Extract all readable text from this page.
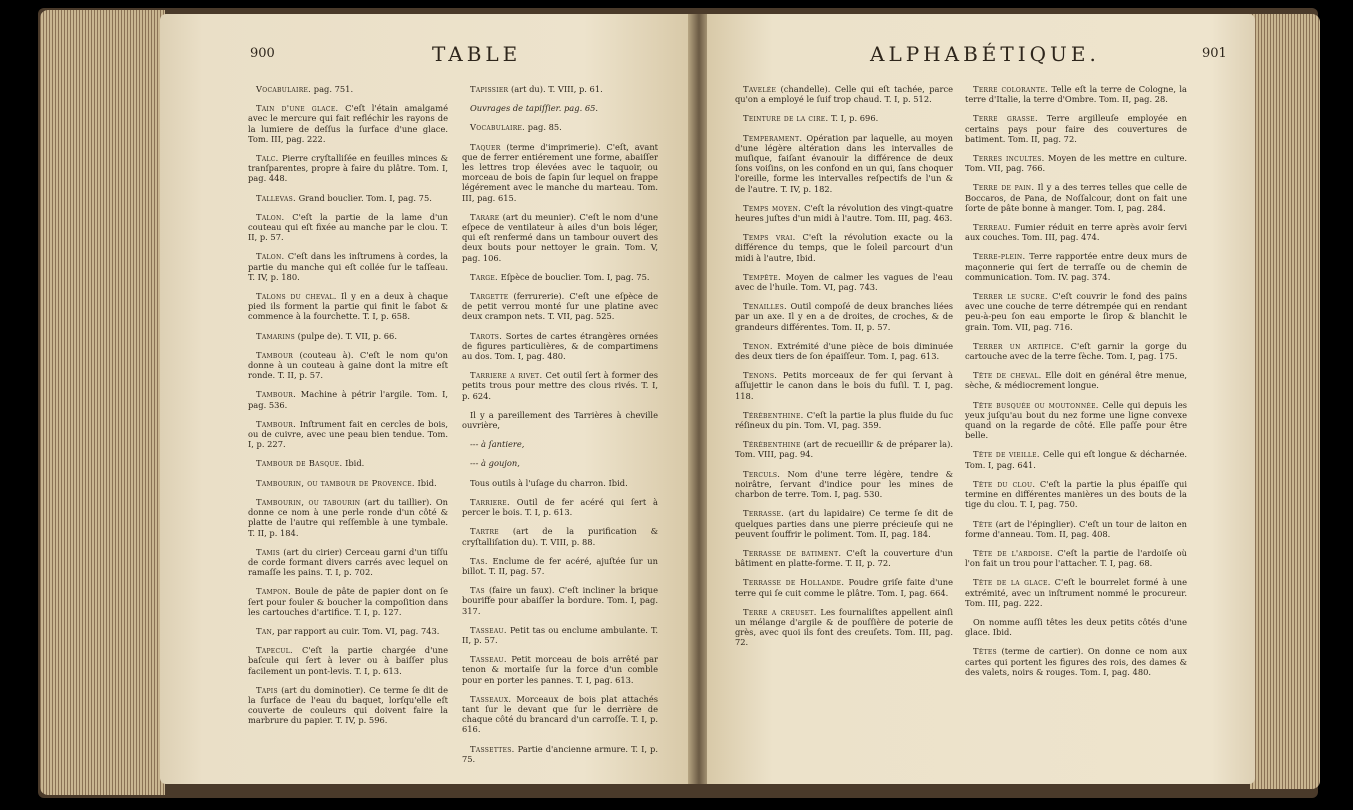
900	TABLE

Vocabulaire. pag. 751.

Tain d'une glace. C'eſt l'étain amalgamé avec le mercure qui fait refléchir les rayons de la lumiere de deſſus la ſurface d'une glace. Tom. III, pag. 222.

Talc. Pierre cryſtalliſée en feuilles minces & tranſparentes, propre à faire du plâtre. Tom. I, pag. 448.

Tallevas. Grand bouclier. Tom. I, pag. 75.

Talon. C'eſt la partie de la lame d'un couteau qui eſt fixée au manche par le clou. T. II, p. 57.

Talon. C'eſt dans les inſtrumens à cordes, la partie du manche qui eſt collée ſur le taſſeau. T. IV, p. 180.

Talons du cheval. Il y en a deux à chaque pied ils forment la partie qui finit le ſabot & commence à la fourchette. T. I, p. 658.

Tamarins (pulpe de). T. VII, p. 66.

Tambour (couteau à). C'eſt le nom qu'on donne à un couteau à gaine dont la mitre eſt ronde. T. II, p. 57.

Tambour. Machine à pétrir l'argile. Tom. I, pag. 536.

Tambour. Inſtrument fait en cercles de bois, ou de cuivre, avec une peau bien tendue. Tom. I, p. 227.

Tambour de Basque. Ibid.

Tambourin, ou tambour de Provence. Ibid.

Tambourin, ou tabourin (art du taillier). On donne ce nom à une perle ronde d'un côté & platte de l'autre qui reſſemble à une tymbale. T. II, p. 184.

Tamis (art du cirier) Cerceau garni d'un tiſſu de corde formant divers carrés avec lequel on ramaſſe les pains. T. I, p. 702.

Tampon. Boule de pâte de papier dont on ſe ſert pour fouler & boucher la compoſition dans les cartouches d'artifice. T. I, p. 127.

Tan, par rapport au cuir. Tom. VI, pag. 743.

Tapecul. C'eſt la partie chargée d'une baſcule qui ſert à lever ou à baiſſer plus facilement un pont-levis. T. I, p. 613.

Tapis (art du dominotier). Ce terme ſe dit de la ſurface de l'eau du baquet, lorſqu'elle eſt couverte de couleurs qui doivent faire la marbrure du papier. T. IV, p. 596.

Tapissier (art du). T. VIII, p. 61.

Ouvrages de tapiſſier. pag. 65.

Vocabulaire. pag. 85.

Taquer (terme d'imprimerie). C'eſt, avant que de ferrer entiérement une forme, abaiſſer les lettres trop élevées avec le taquoir, ou morceau de bois de ſapin ſur lequel on frappe légérement avec le manche du marteau. Tom. III, pag. 615.

Tarare (art du meunier). C'eſt le nom d'une eſpece de ventilateur à ailes d'un bois léger, qui eſt renfermé dans un tambour ouvert des deux bouts pour nettoyer le grain. Tom. V, pag. 106.

Targe. Eſpèce de bouclier. Tom. I, pag. 75.

Targette (ferrurerie). C'eſt une eſpèce de de petit verrou monté ſur une platine avec deux crampon nets. T. VII, pag. 525.

Tarots. Sortes de cartes étrangères ornées de figures particulières, & de compartimens au dos. Tom. I, pag. 480.

Tarriere a rivet. Cet outil ſert à former des petits trous pour mettre des clous rivés. T. I, p. 624.

Il y a pareillement des Tarrières à cheville ouvrière,

--- à ſantiere,

--- à goujon,

Tous outils à l'uſage du charron. Ibid.

Tarriere. Outil de fer acéré qui ſert à percer le bois. T. I, p. 613.

Tartre (art de la purification & cryſtalliſation du). T. VIII, p. 88.

Tas. Enclume de fer acéré, ajuſtée ſur un billot. T. II, pag. 57.

Tas (faire un faux). C'eſt incliner la brique bouriffe pour abaiſſer la bordure. Tom. I, pag. 317.

Tasseau. Petit tas ou enclume ambulante. T. II, p. 57.

Tasseau. Petit morceau de bois arrêté par tenon & mortaiſe ſur la force d'un comble pour en porter les pannes. T. I, pag. 613.

Tasseaux. Morceaux de bois plat attachés tant ſur le devant que ſur le derrière de chaque côté du brancard d'un carroſſe. T. I, p. 616.

Tassettes. Partie d'ancienne armure. T. I, p. 75.

ALPHABÉTIQUE.	901

Tavelée (chandelle). Celle qui eſt tachée, parce qu'on a employé le ſuif trop chaud. T. I, p. 512.

Teinture de la cire. T. I, p. 696.

Temperament. Opération par laquelle, au moyen d'une légère altération dans les intervalles de muſique, faiſant évanouir la différence de deux ſons voiſins, on les confond en un qui, ſans choquer l'oreille, forme les intervalles reſpectifs de l'un & de l'autre. T. IV, p. 182.

Temps moyen. C'eſt la révolution des vingt-quatre heures juſtes d'un midi à l'autre. Tom. III, pag. 463.

Temps vrai. C'eſt la révolution exacte ou la différence du temps, que le ſoleil parcourt d'un midi à l'autre, Ibid.

Tempête. Moyen de calmer les vagues de l'eau avec de l'huile. Tom. VI, pag. 743.

Tenailles. Outil compoſé de deux branches liées par un axe. Il y en a de droites, de croches, & de grandeurs différentes. Tom. II, p. 57.

Tenon. Extrémité d'une pièce de bois diminuée des deux tiers de ſon épaiſſeur. Tom. I, pag. 613.

Tenons. Petits morceaux de fer qui ſervant à aſſujettir le canon dans le bois du fuſil. T. I, pag. 118.

Térébenthine. C'eſt la partie la plus fluide du ſuc réſineux du pin. Tom. VI, pag. 359.

Térébenthine (art de recueillir & de préparer la). Tom. VIII, pag. 94.

Terculs. Nom d'une terre légère, tendre & noirâtre, ſervant d'indice pour les mines de charbon de terre. Tom. I, pag. 530.

Terrasse. (art du lapidaire) Ce terme ſe dit de quelques parties dans une pierre précieuſe qui ne peuvent ſouffrir le poliment. Tom. II, pag. 184.

Terrasse de batiment. C'eſt la couverture d'un bâtiment en platte-forme. T. II, p. 72.

Terrasse de Hollande. Poudre griſe faite d'une terre qui ſe cuit comme le plâtre. Tom. I, pag. 664.

Terre a creuset. Les fournaliſtes appellent ainſi un mélange d'argile & de pouſſière de poterie de grès, avec quoi ils font des creuſets. Tom. III, pag. 72.

Terre colorante. Telle eſt la terre de Cologne, la terre d'Italie, la terre d'Ombre. Tom. II, pag. 28.

Terre grasse. Terre argilleuſe employée en certains pays pour faire des couvertures de batiment. Tom. II, pag. 72.

Terres incultes. Moyen de les mettre en culture. Tom. VII, pag. 766.

Terre de pain. Il y a des terres telles que celle de Boccaros, de Pana, de Noſſalcour, dont on fait une ſorte de pâte bonne à manger. Tom. I, pag. 284.

Terreau. Fumier réduit en terre après avoir ſervi aux couches. Tom. III, pag. 474.

Terre-plein. Terre rapportée entre deux murs de maçonnerie qui ſert de terraſſe ou de chemin de communication. Tom. IV. pag. 374.

Terrer le sucre. C'eſt couvrir le fond des pains avec une couche de terre détrempée qui en rendant peu-à-peu ſon eau emporte le ſirop & blanchit le grain. Tom. VII, pag. 716.

Terrer un artifice. C'eſt garnir la gorge du cartouche avec de la terre ſèche. Tom. I, pag. 175.

Tête de cheval. Elle doit en général être menue, sèche, & médiocrement longue.

Tête busquée ou moutonnée. Celle qui depuis les yeux juſqu'au bout du nez forme une ligne convexe quand on la regarde de côté. Elle paſſe pour être belle.

Tête de vieille. Celle qui eſt longue & décharnée. Tom. I, pag. 641.

Tête du clou. C'eſt la partie la plus épaiſſe qui termine en différentes manières un des bouts de la tige du clou. T. I, pag. 750.

Tête (art de l'épinglier). C'eſt un tour de laiton en forme d'anneau. Tom. II, pag. 408.

Tête de l'ardoise. C'eſt la partie de l'ardoiſe où l'on fait un trou pour l'attacher. T. I, pag. 68.

Tête de la glace. C'eſt le bourrelet formé à une extrémité, avec un inſtrument nommé le procureur. Tom. III, pag. 222.

On nomme auſſi têtes les deux petits côtés d'une glace. Ibid.

Têtes (terme de cartier). On donne ce nom aux cartes qui portent les figures des rois, des dames & des valets, noirs & rouges. Tom. I, pag. 480.
